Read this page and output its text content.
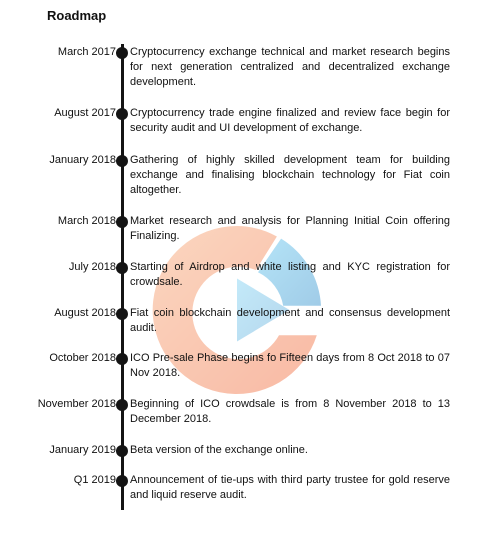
Roadmap
March 2017 Cryptocurrency exchange technical and market research begins for next generation centralized and decentralized exchange development.
August 2017 Cryptocurrency trade engine finalized and review face begin for security audit and UI development of exchange.
January 2018 Gathering of highly skilled development team for building exchange and finalising blockchain technology for Fiat coin altogether.
March 2018 Market research and analysis for Planning Initial Coin offering Finalizing.
July 2018 Starting of Airdrop and white listing and KYC registration for crowdsale.
August 2018 Fiat coin blockchain development and consensus development audit.
October 2018 ICO Pre-sale Phase begins fo Fifteen days from 8 Oct 2018 to 07 Nov 2018.
November 2018 Beginning of ICO crowdsale is from 8 November 2018 to 13 December 2018.
January 2019 Beta version of the exchange online.
Q1 2019 Announcement of tie-ups with third party trustee for gold reserve and liquid reserve audit.
